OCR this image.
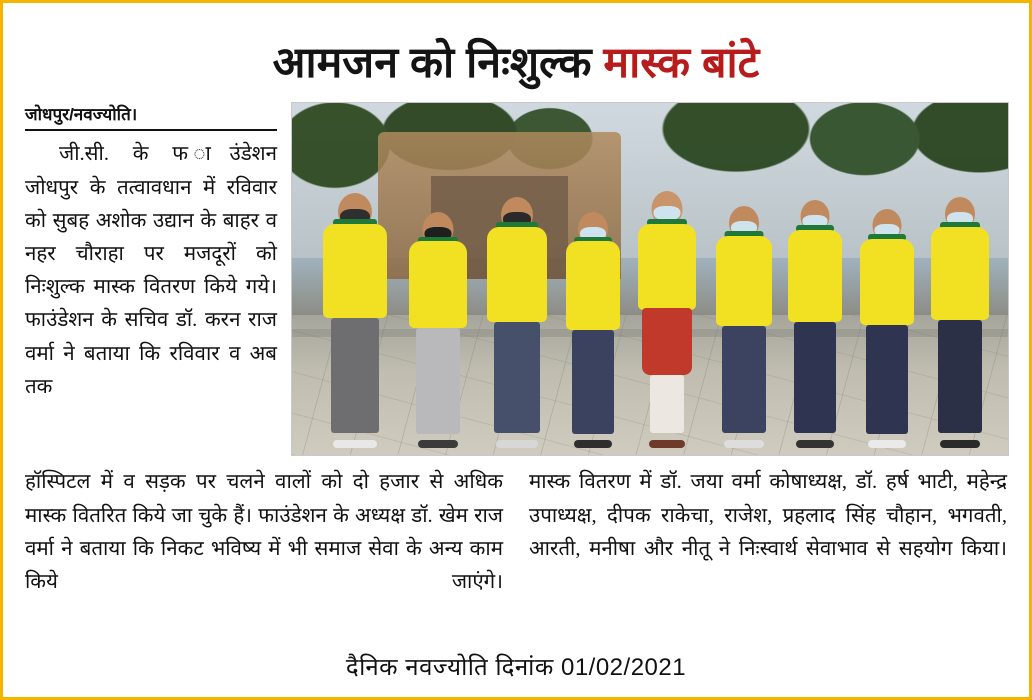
आमजन को निःशुल्क मास्क बांटे
जोधपुर/नवज्योति।
जी.सी. के फ ाउंडेशन जोधपुर के तत्वावधान में रविवार को सुबह अशोक उद्यान के बाहर व नहर चौराहा पर मजदूरों को निःशुल्क मास्क वितरण किये गये। फाउंडेशन के सचिव डॉ. करन राज वर्मा ने बताया कि रविवार व अब तक
हॉस्पिटल में व सड़क पर चलने वालों को दो हजार से अधिक मास्क वितरित किये जा चुके हैं। फाउंडेशन के अध्यक्ष डॉ. खेम राज वर्मा ने बताया कि निकट भविष्य में भी समाज सेवा के अन्य काम किये जाएंगे।
मास्क वितरण में डॉ. जया वर्मा कोषाध्यक्ष, डॉ. हर्ष भाटी, महेन्द्र उपाध्यक्ष, दीपक राकेचा, राजेश, प्रहलाद सिंह चौहान, भगवती, आरती, मनीषा और नीतू ने निःस्वार्थ सेवाभाव से सहयोग किया।
दैनिक नवज्योति दिनांक 01/02/2021
